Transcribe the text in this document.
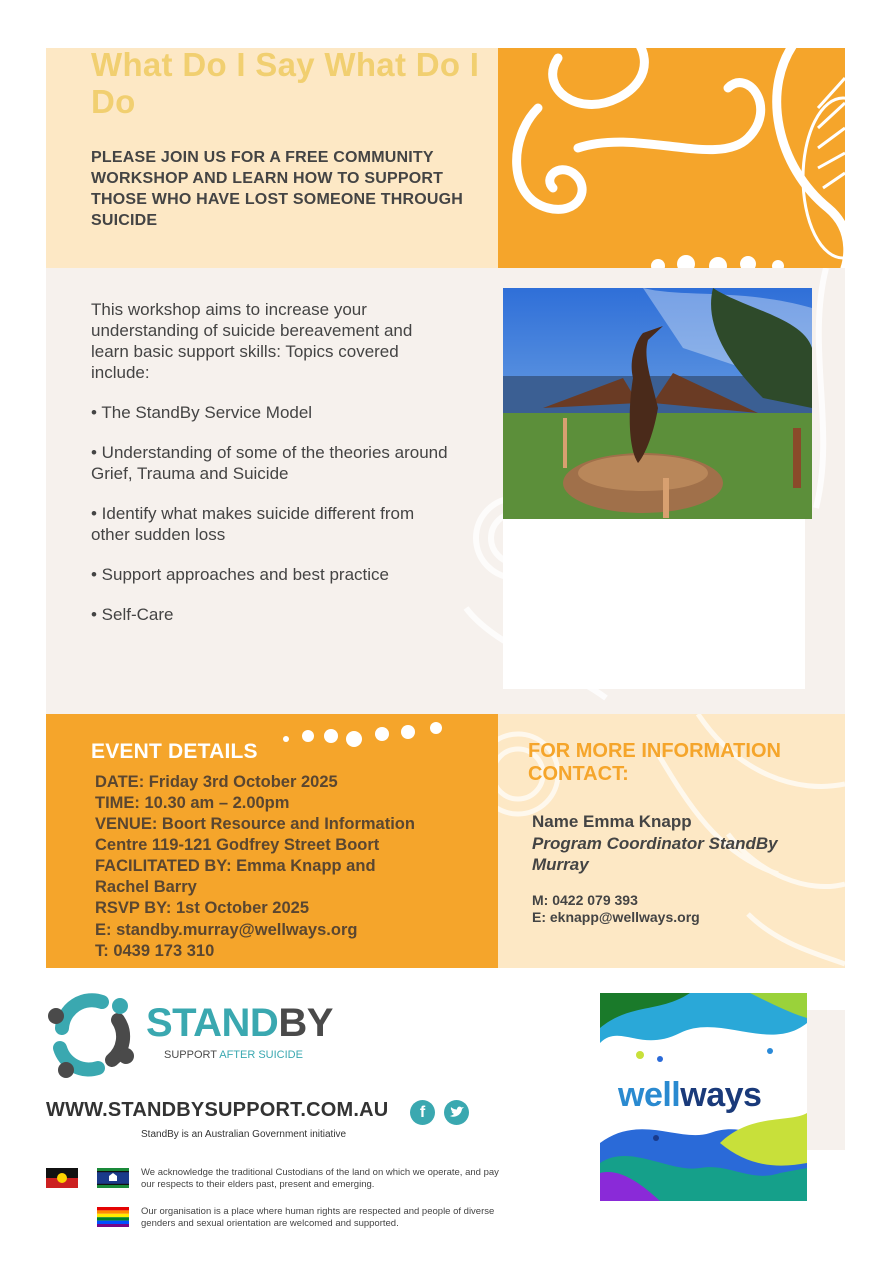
What Do I Say What Do I Do
PLEASE JOIN US FOR A FREE COMMUNITY WORKSHOP AND LEARN HOW TO SUPPORT THOSE WHO HAVE LOST SOMEONE THROUGH SUICIDE
This workshop aims to increase your understanding of suicide bereavement and learn basic support skills: Topics covered include:
• The StandBy Service Model
• Understanding of some of the theories around Grief, Trauma and Suicide
• Identify what makes suicide different from other sudden loss
• Support approaches and best practice
• Self-Care
EVENT DETAILS
DATE: Friday 3rd October 2025
TIME: 10.30 am – 2.00pm
VENUE: Boort Resource and Information
Centre 119-121 Godfrey Street Boort
FACILITATED BY: Emma Knapp and
Rachel Barry
RSVP BY: 1st October 2025
E: standby.murray@wellways.org
T: 0439 173 310
FOR MORE INFORMATION CONTACT:
Name Emma Knapp
Program Coordinator StandBy Murray
M: 0422 079 393
E: eknapp@wellways.org
STANDBY
SUPPORT AFTER SUICIDE
WWW.STANDBYSUPPORT.COM.AU	f
StandBy is an Australian Government initiative
We acknowledge the traditional Custodians of the land on which we operate, and pay our respects to their elders past, present and emerging.
Our organisation is a place where human rights are respected and people of diverse genders and sexual orientation are welcomed and supported.
wellways
